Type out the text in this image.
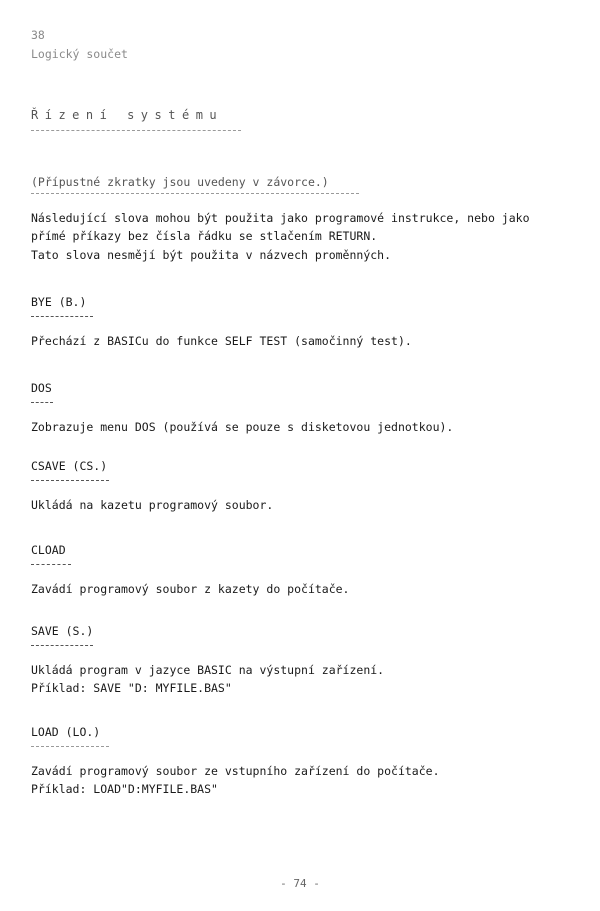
38
Logický součet
Řízení systému
(Přípustné zkratky jsou uvedeny v závorce.)
Následující slova mohou být použita jako programové instrukce, nebo jako
přímé příkazy bez čísla řádku se stlačením RETURN.
Tato slova nesmějí být použita v názvech proměnných.
BYE (B.)
Přechází z BASICu do funkce SELF TEST (samočinný test).
DOS
Zobrazuje menu DOS (používá se pouze s disketovou jednotkou).
CSAVE (CS.)
Ukládá na kazetu programový soubor.
CLOAD
Zavádí programový soubor z kazety do počítače.
SAVE (S.)
Ukládá program v jazyce BASIC na výstupní zařízení.
Příklad: SAVE "D: MYFILE.BAS"
LOAD (LO.)
Zavádí programový soubor ze vstupního zařízení do počítače.
Příklad: LOAD"D:MYFILE.BAS"
- 74 -
